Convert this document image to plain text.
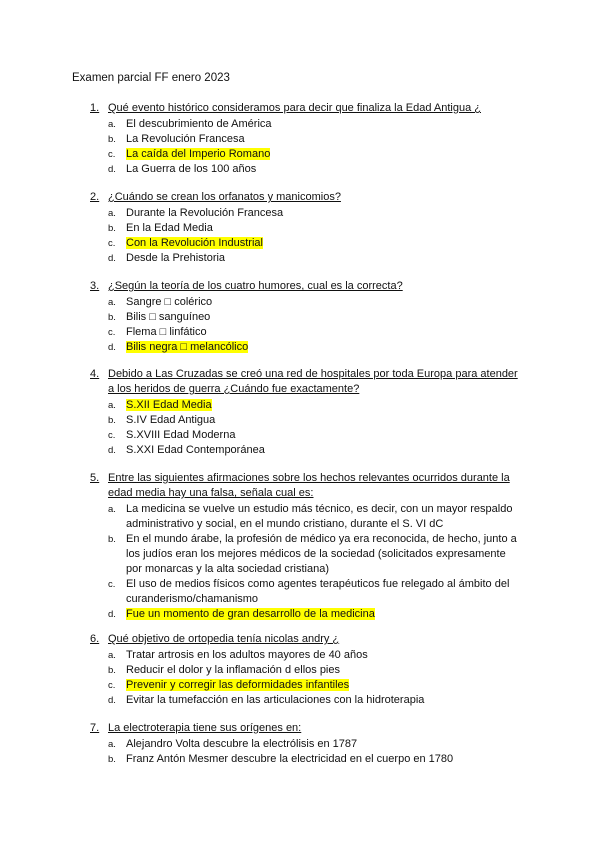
Examen parcial FF enero 2023
1. Qué evento histórico consideramos para decir que finaliza la Edad Antigua ¿
a. El descubrimiento de América
b. La Revolución Francesa
c. La caída del Imperio Romano
d. La Guerra de los 100 años
2. ¿Cuándo se crean los orfanatos y manicomios?
a. Durante la Revolución Francesa
b. En la Edad Media
c. Con la Revolución Industrial
d. Desde la Prehistoria
3. ¿Según la teoría de los cuatro humores, cual es la correcta?
a. Sangre □ colérico
b. Bilis □ sanguíneo
c. Flema □ linfático
d. Bilis negra □ melancólico
4. Debido a Las Cruzadas se creó una red de hospitales por toda Europa para atender a los heridos de guerra ¿Cuándo fue exactamente?
a. S.XII Edad Media
b. S.IV Edad Antigua
c. S.XVIII Edad Moderna
d. S.XXI Edad Contemporánea
5. Entre las siguientes afirmaciones sobre los hechos relevantes ocurridos durante la edad media hay una falsa, señala cual es:
a. La medicina se vuelve un estudio más técnico, es decir, con un mayor respaldo administrativo y social, en el mundo cristiano, durante el S. VI dC
b. En el mundo árabe, la profesión de médico ya era reconocida, de hecho, junto a los judíos eran los mejores médicos de la sociedad (solicitados expresamente por monarcas y la alta sociedad cristiana)
c. El uso de medios físicos como agentes terapéuticos fue relegado al ámbito del curanderismo/chamanismo
d. Fue un momento de gran desarrollo de la medicina
6. Qué objetivo de ortopedia tenía nicolas andry ¿
a. Tratar artrosis en los adultos mayores de 40 años
b. Reducir el dolor y la inflamación d ellos pies
c. Prevenir y corregir las deformidades infantiles
d. Evitar la tumefacción en las articulaciones con la hidroterapia
7. La electroterapia tiene sus orígenes en:
a. Alejandro Volta descubre la electrólisis en 1787
b. Franz Antón Mesmer descubre la electricidad en el cuerpo en 1780
